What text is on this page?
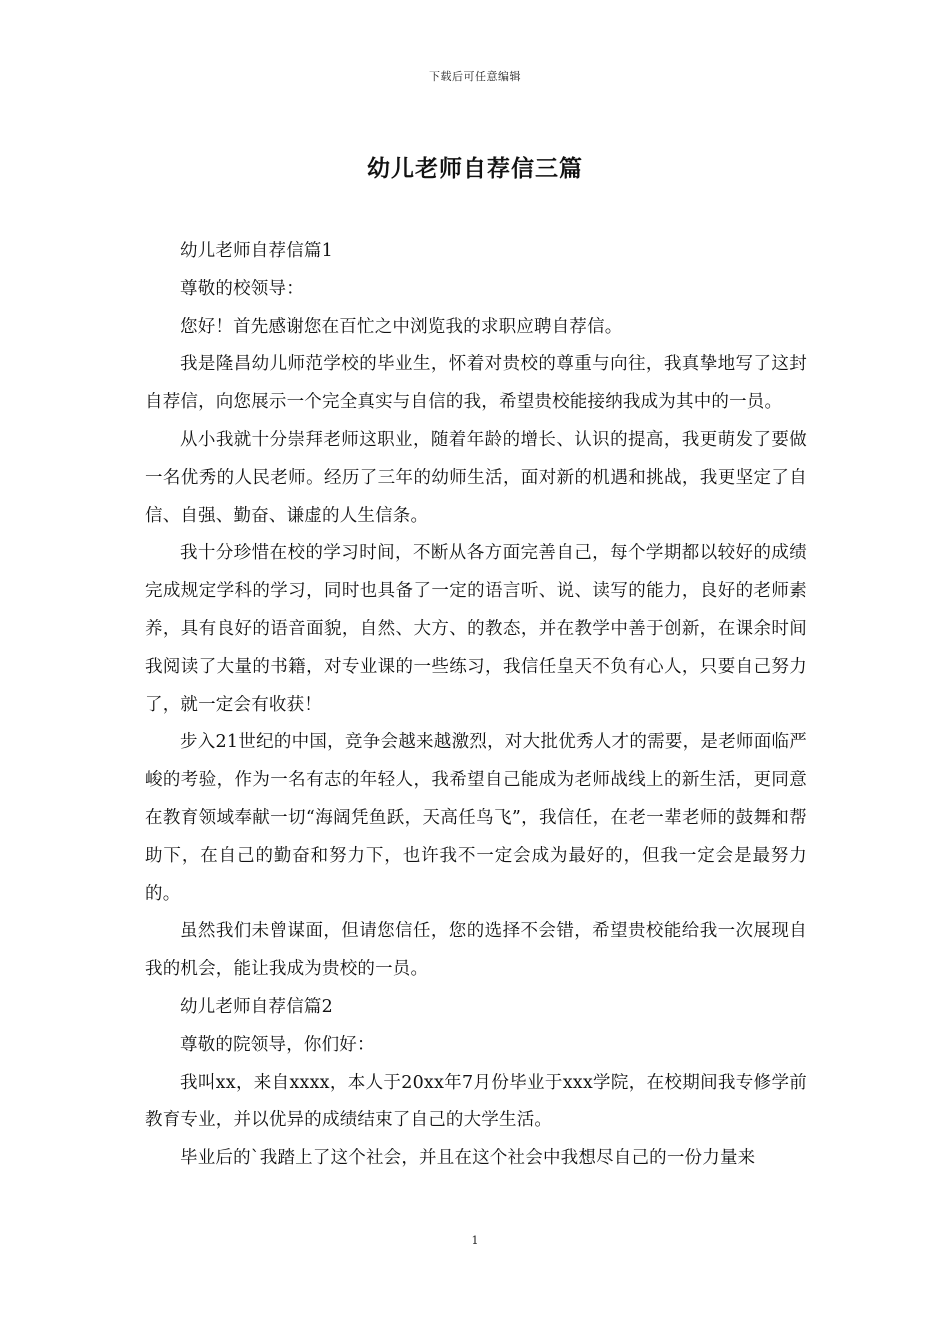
下载后可任意编辑
幼儿老师自荐信三篇

幼儿老师自荐信篇1

尊敬的校领导：

您好！首先感谢您在百忙之中浏览我的求职应聘自荐信。

我是隆昌幼儿师范学校的毕业生，怀着对贵校的尊重与向往，我真挚地写了这封自荐信，向您展示一个完全真实与自信的我，希望贵校能接纳我成为其中的一员。

从小我就十分崇拜老师这职业，随着年龄的增长、认识的提高，我更萌发了要做一名优秀的人民老师。经历了三年的幼师生活，面对新的机遇和挑战，我更坚定了自信、自强、勤奋、谦虚的人生信条。

我十分珍惜在校的学习时间，不断从各方面完善自己，每个学期都以较好的成绩完成规定学科的学习，同时也具备了一定的语言听、说、读写的能力，良好的老师素养，具有良好的语音面貌，自然、大方、的教态，并在教学中善于创新，在课余时间我阅读了大量的书籍，对专业课的一些练习，我信任皇天不负有心人，只要自己努力了，就一定会有收获！

步入21世纪的中国，竞争会越来越激烈，对大批优秀人才的需要，是老师面临严峻的考验，作为一名有志的年轻人，我希望自己能成为老师战线上的新生活，更同意在教育领域奉献一切“海阔凭鱼跃，天高任鸟飞”，我信任，在老一辈老师的鼓舞和帮助下，在自己的勤奋和努力下，也许我不一定会成为最好的，但我一定会是最努力的。

虽然我们未曾谋面，但请您信任，您的选择不会错，希望贵校能给我一次展现自我的机会，能让我成为贵校的一员。

幼儿老师自荐信篇2

尊敬的院领导，你们好：

我叫xx，来自xxxx，本人于20xx年7月份毕业于xxx学院，在校期间我专修学前教育专业，并以优异的成绩结束了自己的大学生活。

毕业后的`我踏上了这个社会，并且在这个社会中我想尽自己的一份力量来

1
